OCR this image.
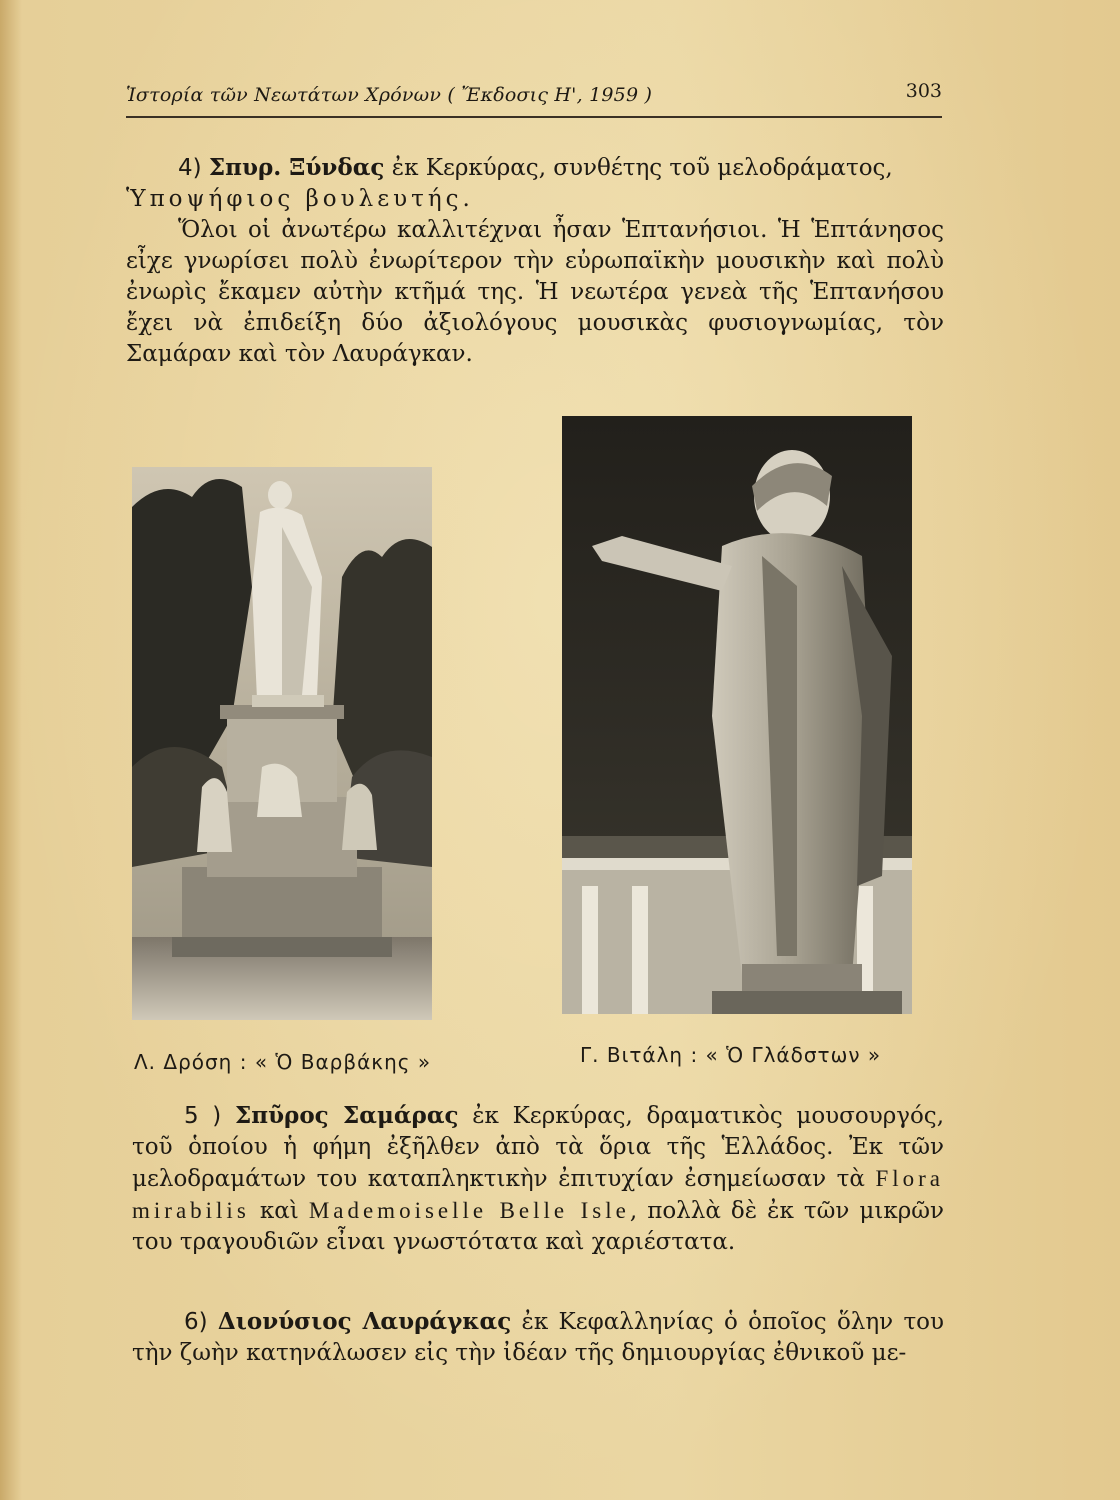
Ἱστορία τῶν Νεωτάτων Χρόνων ( Ἔκδοσις Η', 1959 )	303

4) Σπυρ. Ξύνδας ἐκ Κερκύρας, συνθέτης τοῦ μελοδράματος,

Ὑποψήφιος βουλευτής.

Ὅλοι οἱ ἀνωτέρω καλλιτέχναι ἦσαν Ἑπτανήσιοι. Ἡ Ἑπτάνησος εἶχε γνωρίσει πολὺ ἐνωρίτερον τὴν εὐρωπαϊκὴν μουσικὴν καὶ πολὺ ἐνωρὶς ἔκαμεν αὐτὴν κτῆμά της. Ἡ νεωτέρα γενεὰ τῆς Ἑπτανήσου ἔχει νὰ ἐπιδείξη δύο ἀξιολόγους μουσικὰς φυσιογνωμίας, τὸν Σαμάραν καὶ τὸν Λαυράγκαν.

Λ. Δρόση : « Ὁ Βαρβάκης »	Γ. Βιτάλη : « Ὁ Γλάδστων »

5 ) Σπῦρος Σαμάρας ἐκ Κερκύρας, δραματικὸς μουσουργός, τοῦ ὁποίου ἡ φήμη ἐξῆλθεν ἀπὸ τὰ ὅρια τῆς Ἑλλάδος. Ἐκ τῶν μελοδραμάτων του καταπληκτικὴν ἐπιτυχίαν ἐσημείωσαν τὰ Flora mirabilis καὶ Mademoiselle Belle Isle, πολλὰ δὲ ἐκ τῶν μικρῶν του τραγουδιῶν εἶναι γνωστότατα καὶ χαριέστατα.

6) Διονύσιος Λαυράγκας ἐκ Κεφαλληνίας ὁ ὁποῖος ὅλην του τὴν ζωὴν κατηνάλωσεν εἰς τὴν ἰδέαν τῆς δημιουργίας ἐθνικοῦ με-
